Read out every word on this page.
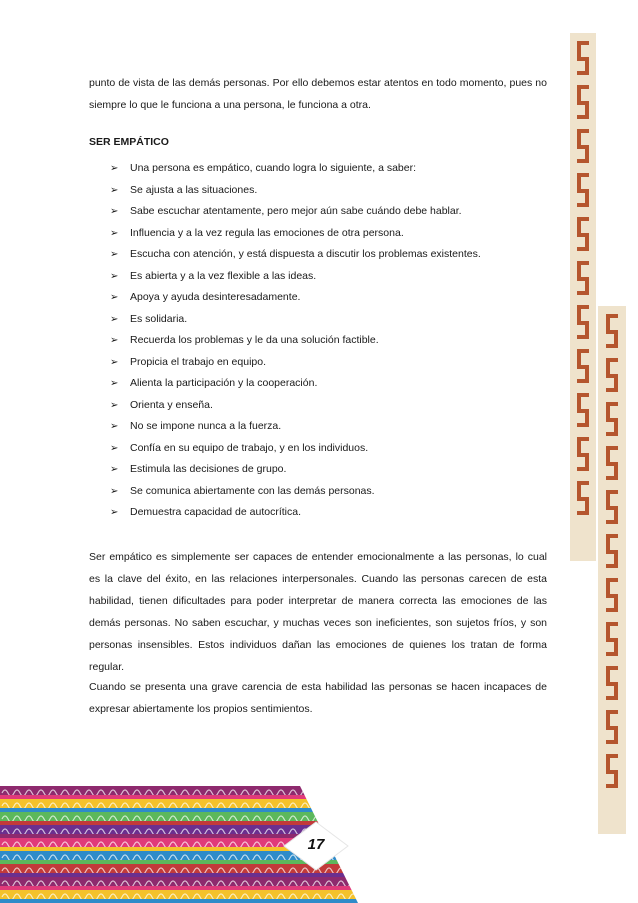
punto de vista de las demás personas. Por ello debemos estar atentos en todo momento, pues no siempre lo que le funciona a una persona, le funciona a otra.
SER EMPÁTICO
➢ Una persona es empático, cuando logra lo siguiente, a saber:
➢ Se ajusta a las situaciones.
➢ Sabe escuchar atentamente, pero mejor aún sabe cuándo debe hablar.
➢ Influencia y a la vez regula las emociones de otra persona.
➢ Escucha con atención, y está dispuesta a discutir los problemas existentes.
➢ Es abierta y a la vez flexible a las ideas.
➢ Apoya y ayuda desinteresadamente.
➢ Es solidaria.
➢ Recuerda los problemas y le da una solución factible.
➢ Propicia el trabajo en equipo.
➢ Alienta la participación y la cooperación.
➢ Orienta y enseña.
➢ No se impone nunca a la fuerza.
➢ Confía en su equipo de trabajo, y en los individuos.
➢ Estimula las decisiones de grupo.
➢ Se comunica abiertamente con las demás personas.
➢ Demuestra capacidad de autocrítica.
Ser empático es simplemente ser capaces de entender emocionalmente a las personas, lo cual es la clave del éxito, en las relaciones interpersonales. Cuando las personas carecen de esta habilidad, tienen dificultades para poder interpretar de manera correcta las emociones de las demás personas. No saben escuchar, y muchas veces son ineficientes, son sujetos fríos, y son personas insensibles. Estos individuos dañan las emociones de quienes los tratan de forma regular.
Cuando se presenta una grave carencia de esta habilidad las personas se hacen incapaces de expresar abiertamente los propios sentimientos.
17
